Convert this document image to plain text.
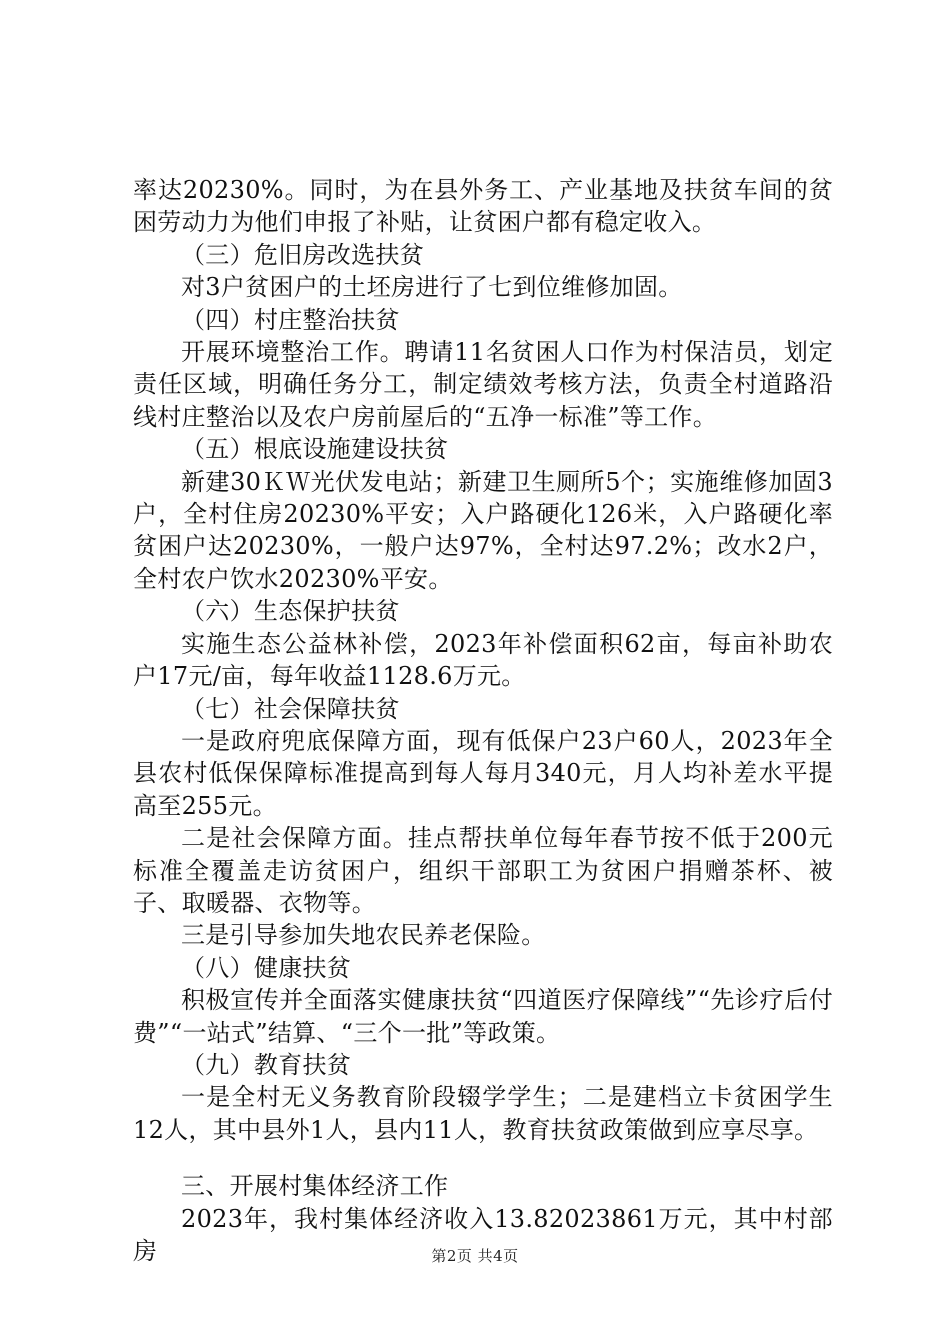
率达20230%。同时，为在县外务工、产业基地及扶贫车间的贫困劳动力为他们申报了补贴，让贫困户都有稳定收入。

（三）危旧房改选扶贫

对3户贫困户的土坯房进行了七到位维修加固。

（四）村庄整治扶贫

开展环境整治工作。聘请11名贫困人口作为村保洁员，划定责任区域，明确任务分工，制定绩效考核方法，负责全村道路沿线村庄整治以及农户房前屋后的“五净一标准”等工作。

（五）根底设施建设扶贫

新建30ＫＷ光伏发电站；新建卫生厕所5个；实施维修加固3户，全村住房20230%平安；入户路硬化126米，入户路硬化率贫困户达20230%，一般户达97%，全村达97.2%；改水2户，全村农户饮水20230%平安。

（六）生态保护扶贫

实施生态公益林补偿，2023年补偿面积62亩，每亩补助农户17元/亩，每年收益1128.6万元。

（七）社会保障扶贫

一是政府兜底保障方面，现有低保户23户60人，2023年全县农村低保保障标准提高到每人每月340元，月人均补差水平提高至255元。

二是社会保障方面。挂点帮扶单位每年春节按不低于200元标准全覆盖走访贫困户，组织干部职工为贫困户捐赠茶杯、被子、取暖器、衣物等。

三是引导参加失地农民养老保险。

（八）健康扶贫

积极宣传并全面落实健康扶贫“四道医疗保障线”“先诊疗后付费”“一站式”结算、“三个一批”等政策。

（九）教育扶贫

一是全村无义务教育阶段辍学学生；二是建档立卡贫困学生12人，其中县外1人，县内11人，教育扶贫政策做到应享尽享。

三、开展村集体经济工作

2023年，我村集体经济收入13.82023861万元，其中村部房	第2页 共4页
